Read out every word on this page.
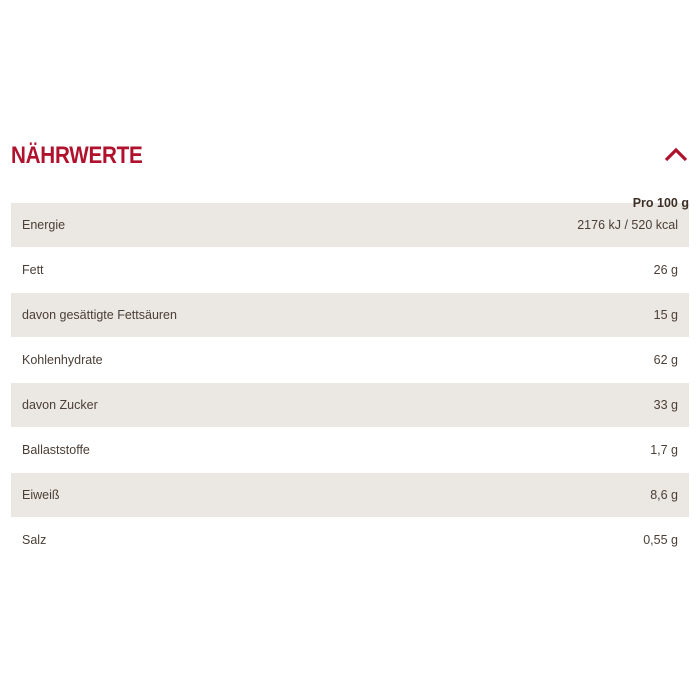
NÄHRWERTE
Pro 100 g
Energie	2176 kJ / 520 kcal
Fett	26 g
davon gesättigte Fettsäuren	15 g
Kohlenhydrate	62 g
davon Zucker	33 g
Ballaststoffe	1,7 g
Eiweiß	8,6 g
Salz	0,55 g
